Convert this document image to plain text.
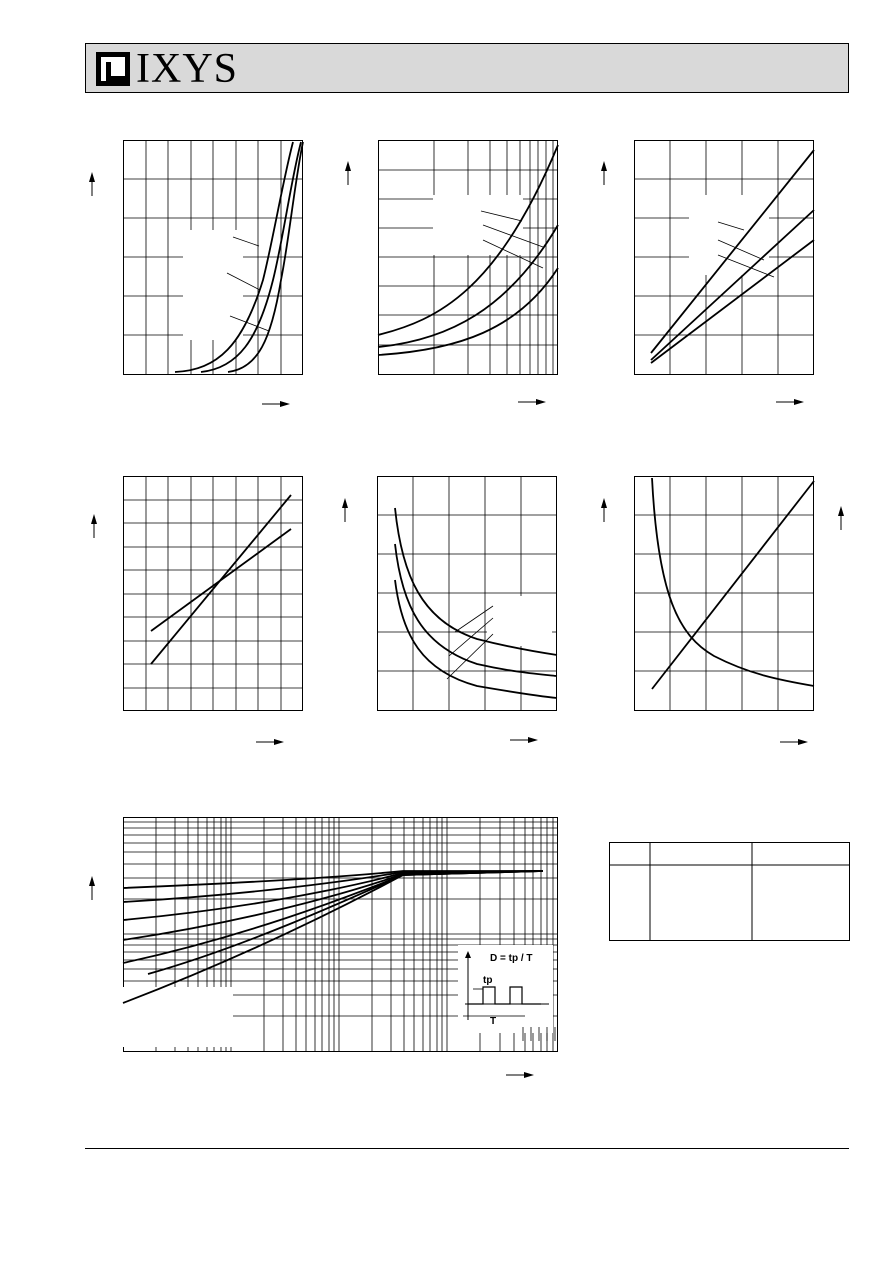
IXYS
D = tp / T
tp
T
